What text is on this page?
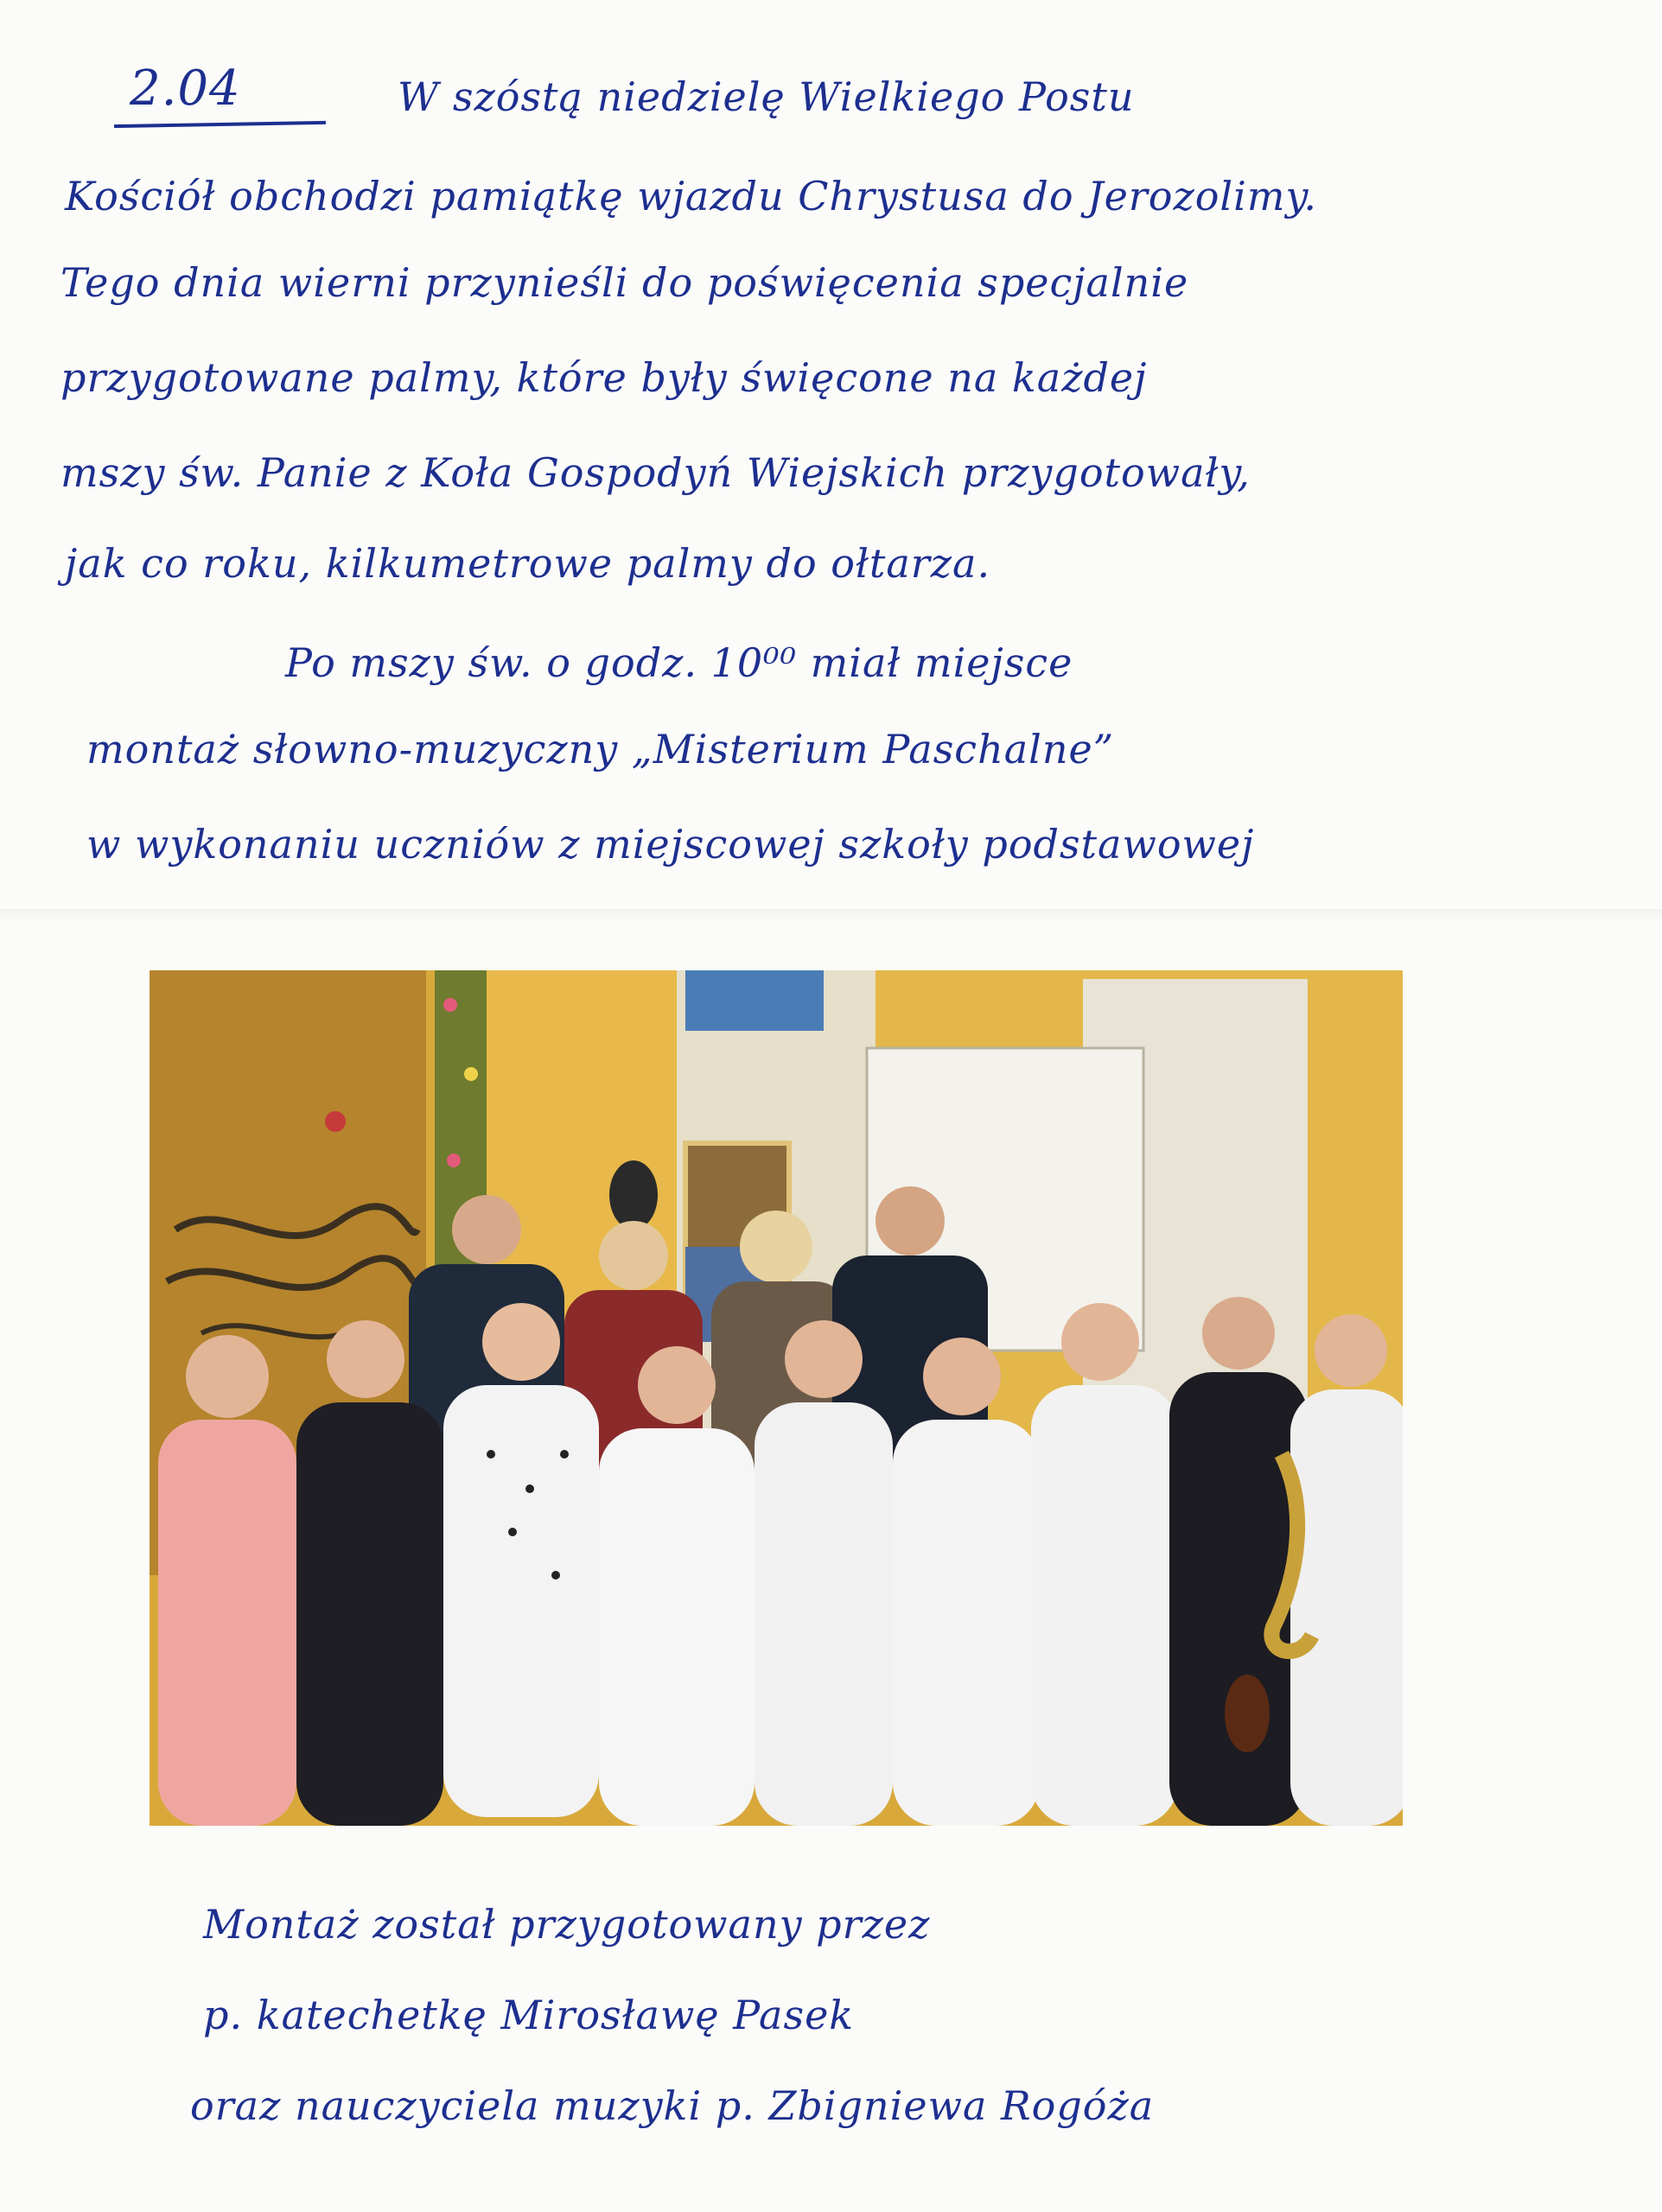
2.04	W szóstą niedzielę Wielkiego Postu
Kościół obchodzi pamiątkę wjazdu Chrystusa do Jerozolimy.
Tego dnia wierni przynieśli do poświęcenia specjalnie
przygotowane palmy, które były święcone na każdej
mszy św. Panie z Koła Gospodyń Wiejskich przygotowały,
jak co roku, kilkumetrowe palmy do ołtarza.
Po mszy św. o godz. 10⁰⁰ miał miejsce
montaż słowno-muzyczny „Misterium Paschalne”
w wykonaniu uczniów z miejscowej szkoły podstawowej
Montaż został przygotowany przez
p. katechetkę Mirosławę Pasek
oraz nauczyciela muzyki p. Zbigniewa Rogóża
